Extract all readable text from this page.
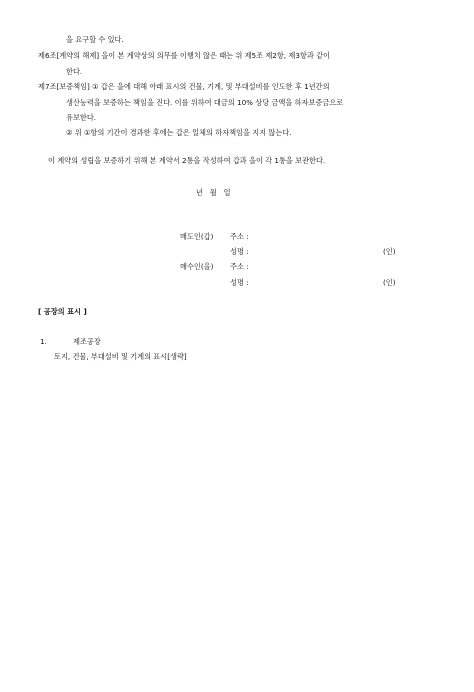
을 요구할 수 있다.
제6조[계약의 해제] 을이 본 계약상의 의무를 이행치 않은 때는 위 제5조 제2항, 제3항과 같이
한다.
제7조[보증책임] ① 갑은 을에 대해 아래 표시의 건물, 기계, 및 부대설비를 인도한 후 1년간의
생산능력을 보증하는 책임을 진다. 이를 위하여 대금의 10% 상당 금액을 하자보증금으로
유보한다.
② 위 ①항의 기간이 경과한 후에는 갑은 일체의 하자책임을 지지 않는다.
이 계약의 성립을 보증하기 위해 본 계약서 2통을 작성하여 갑과 을이 각 1통을 보관한다.
년   월   일
매도인(갑) 주소 :
성명 :	(인)
매수인(을) 주소 :
성명 :	(인)
[ 공장의 표시 ]
1.	제조공장
토지, 건물, 부대설비 및 기계의 표시[생략]
